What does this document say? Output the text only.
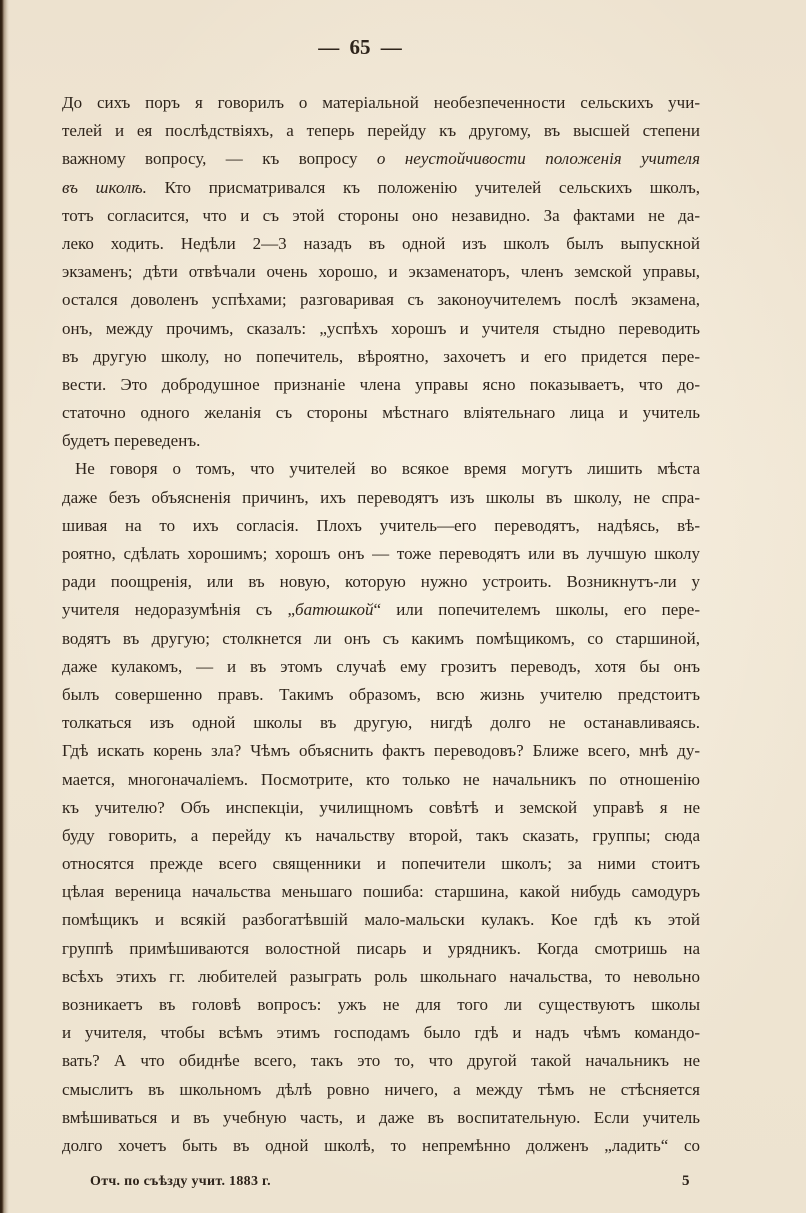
— 65 —
До сихъ поръ я говорилъ о матеріальной необезпеченности сельскихъ учи-
телей и ея послѣдствіяхъ, а теперь перейду къ другому, въ высшей степени
важному вопросу, — къ вопросу о неустойчивости положенія учителя
въ школѣ. Кто присматривался къ положенію учителей сельскихъ школъ,
тотъ согласится, что и съ этой стороны оно незавидно. За фактами не да-
леко ходить. Недѣли 2—3 назадъ въ одной изъ школъ былъ выпускной
экзаменъ; дѣти отвѣчали очень хорошо, и экзаменаторъ, членъ земской управы,
остался доволенъ успѣхами; разговаривая съ законоучителемъ послѣ экзамена,
онъ, между прочимъ, сказалъ: „успѣхъ хорошъ и учителя стыдно переводить
въ другую школу, но попечитель, вѣроятно, захочетъ и его придется пере-
вести. Это добродушное признаніе члена управы ясно показываетъ, что до-
статочно одного желанія съ стороны мѣстнаго вліятельнаго лица и учитель
будетъ переведенъ.
Не говоря о томъ, что учителей во всякое время могутъ лишить мѣста
даже безъ объясненія причинъ, ихъ переводятъ изъ школы въ школу, не спра-
шивая на то ихъ согласія. Плохъ учитель—его переводятъ, надѣясь, вѣ-
роятно, сдѣлать хорошимъ; хорошъ онъ — тоже переводятъ или въ лучшую школу
ради поощренія, или въ новую, которую нужно устроить. Возникнутъ-ли у
учителя недоразумѣнія съ „батюшкой“ или попечителемъ школы, его пере-
водятъ въ другую; столкнется ли онъ съ какимъ помѣщикомъ, со старшиной,
даже кулакомъ, — и въ этомъ случаѣ ему грозитъ переводъ, хотя бы онъ
былъ совершенно правъ. Такимъ образомъ, всю жизнь учителю предстоитъ
толкаться изъ одной школы въ другую, нигдѣ долго не останавливаясь.
Гдѣ искать корень зла? Чѣмъ объяснить фактъ переводовъ? Ближе всего, мнѣ ду-
мается, многоначаліемъ. Посмотрите, кто только не начальникъ по отношенію
къ учителю? Объ инспекціи, училищномъ совѣтѣ и земской управѣ я не
буду говорить, а перейду къ начальству второй, такъ сказать, группы; сюда
относятся прежде всего священники и попечители школъ; за ними стоитъ
цѣлая вереница начальства меньшаго пошиба: старшина, какой нибудь самодуръ
помѣщикъ и всякій разбогатѣвшій мало-мальски кулакъ. Кое гдѣ къ этой
группѣ примѣшиваются волостной писарь и урядникъ. Когда смотришь на
всѣхъ этихъ гг. любителей разыграть роль школьнаго начальства, то невольно
возникаетъ въ головѣ вопросъ: ужъ не для того ли существуютъ школы
и учителя, чтобы всѣмъ этимъ господамъ было гдѣ и надъ чѣмъ командо-
вать? А что обиднѣе всего, такъ это то, что другой такой начальникъ не
смыслитъ въ школьномъ дѣлѣ ровно ничего, а между тѣмъ не стѣсняется
вмѣшиваться и въ учебную часть, и даже въ воспитательную. Если учитель
долго хочетъ быть въ одной школѣ, то непремѣнно долженъ „ладить“ со
Отч. по съѣзду учит. 1883 г.	5
